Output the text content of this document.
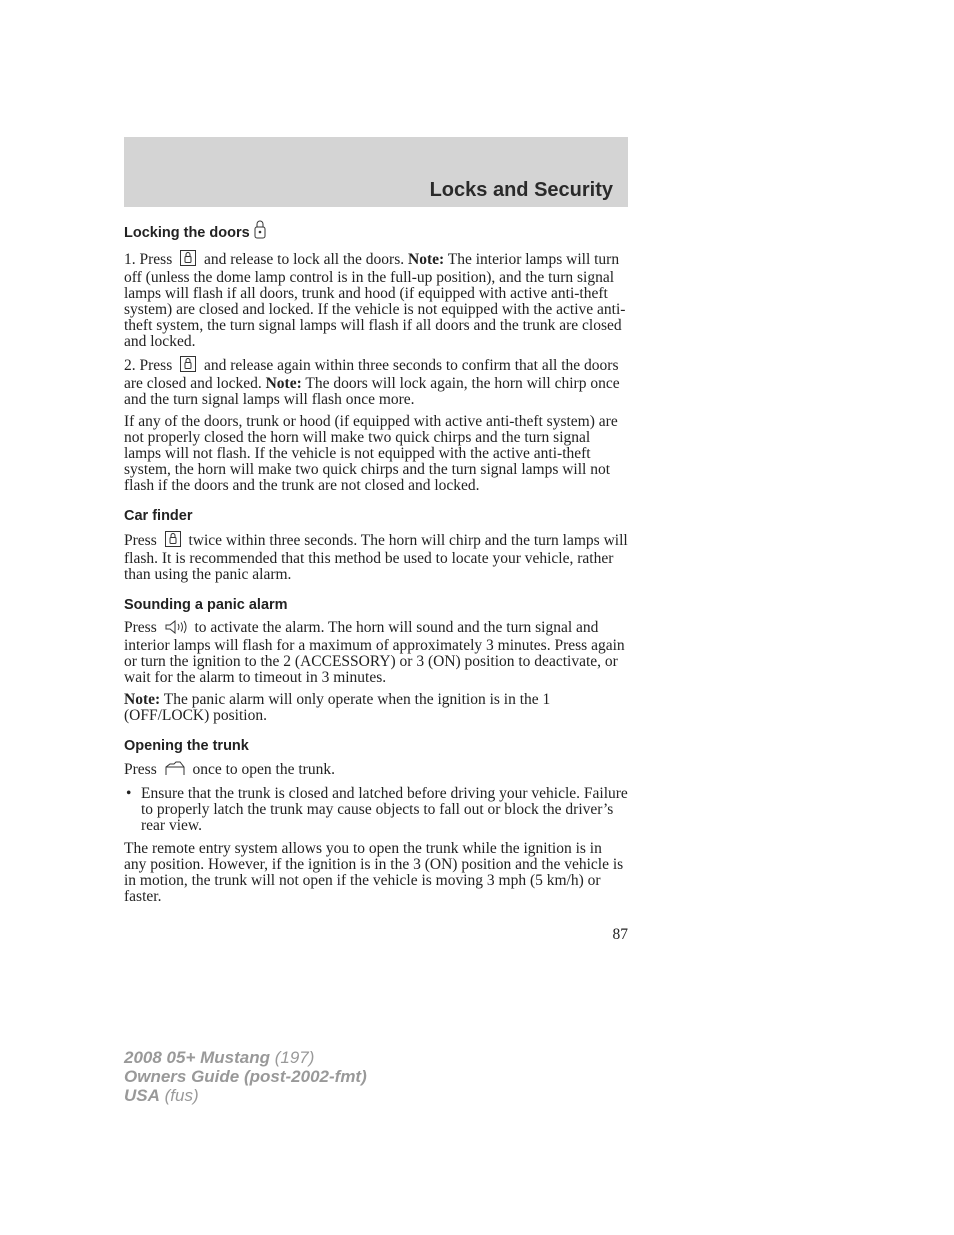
Locks and Security
Locking the doors

1. Press and release to lock all the doors. Note: The interior lamps will turn off (unless the dome lamp control is in the full-up position), and the turn signal lamps will flash if all doors, trunk and hood (if equipped with active anti-theft system) are closed and locked. If the vehicle is not equipped with the active anti-theft system, the turn signal lamps will flash if all doors and the trunk are closed and locked.

2. Press and release again within three seconds to confirm that all the doors are closed and locked. Note: The doors will lock again, the horn will chirp once and the turn signal lamps will flash once more.

If any of the doors, trunk or hood (if equipped with active anti-theft system) are not properly closed the horn will make two quick chirps and the turn signal lamps will not flash. If the vehicle is not equipped with the active anti-theft system, the horn will make two quick chirps and the turn signal lamps will not flash if the doors and the trunk are not closed and locked.

Car finder

Press twice within three seconds. The horn will chirp and the turn lamps will flash. It is recommended that this method be used to locate your vehicle, rather than using the panic alarm.

Sounding a panic alarm

Press to activate the alarm. The horn will sound and the turn signal and interior lamps will flash for a maximum of approximately 3 minutes. Press again or turn the ignition to the 2 (ACCESSORY) or 3 (ON) position to deactivate, or wait for the alarm to timeout in 3 minutes.

Note: The panic alarm will only operate when the ignition is in the 1 (OFF/LOCK) position.

Opening the trunk

Press once to open the trunk.

• Ensure that the trunk is closed and latched before driving your vehicle. Failure to properly latch the trunk may cause objects to fall out or block the driver’s rear view.

The remote entry system allows you to open the trunk while the ignition is in any position. However, if the ignition is in the 3 (ON) position and the vehicle is in motion, the trunk will not open if the vehicle is moving 3 mph (5 km/h) or faster.

87
2008 05+ Mustang (197)
Owners Guide (post-2002-fmt)
USA (fus)
